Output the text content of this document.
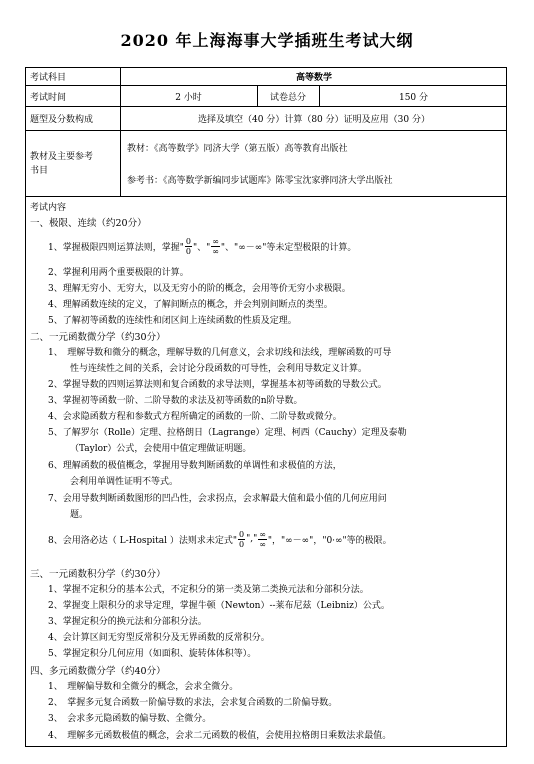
2020 年上海海事大学插班生考试大纲
考试科目	高等数学
考试时间	2 小时	试卷总分	150 分
题型及分数构成	选择及填空（40 分）计算（80 分）证明及应用（30 分）
教材及主要参考
书目
教材：《高等数学》同济大学（第五版）高等教育出版社
参考书：《高等数学新编同步试题库》陈零宝沈家骅同济大学出版社
考试内容
一、极限、连续（约20分）
1、掌握极限四则运算法则，掌握" $\frac{0}{0}$ "、" $\frac{\infty}{\infty}$ "、"∞－∞"等未定型极限的计算。
2、掌握利用两个重要极限的计算。
3、理解无穷小、无穷大，以及无穷小的阶的概念，会用等价无穷小求极限。
4、理解函数连续的定义，了解间断点的概念，并会判别间断点的类型。
5、了解初等函数的连续性和闭区间上连续函数的性质及定理。
二、一元函数微分学（约30分）
1、　理解导数和微分的概念，理解导数的几何意义，会求切线和法线，理解函数的可导
性与连续性之间的关系，会讨论分段函数的可导性，会利用导数定义计算。
2、掌握导数的四则运算法则和复合函数的求导法则，掌握基本初等函数的导数公式。
3、掌握初等函数一阶、二阶导数的求法及初等函数的n阶导数。
4、会求隐函数方程和参数式方程所确定的函数的一阶、二阶导数或微分。
5、了解罗尔（Rolle）定理、拉格朗日（Lagrange）定理、柯西（Cauchy）定理及泰勒
（Taylor）公式，会使用中值定理做证明题。
6、理解函数的极值概念，掌握用导数判断函数的单调性和求极值的方法，
会利用单调性证明不等式。
7、会用导数判断函数图形的凹凸性，会求拐点，会求解最大值和最小值的几何应用问
题。
8、会用洛必达（ L-Hospital ）法则求未定式" $\frac{0}{0}$ "," $\frac{\infty}{\infty}$ "，"∞－∞"，"0·∞"等的极限。
三、一元函数积分学（约30分）
1、掌握不定积分的基本公式，不定积分的第一类及第二类换元法和分部积分法。
2、掌握变上限积分的求导定理，掌握牛顿（Newton）--莱布尼兹（Leibniz）公式。
3、掌握定积分的换元法和分部积分法。
4、会计算区间无穷型反常积分及无界函数的反常积分。
5、掌握定积分几何应用（如面积、旋转体体积等）。
四、多元函数微分学（约40分）
1、　理解偏导数和全微分的概念，会求全微分。
2、　掌握多元复合函数一阶偏导数的求法，会求复合函数的二阶偏导数。
3、　会求多元隐函数的偏导数、全微分。
4、　理解多元函数极值的概念，会求二元函数的极值，会使用拉格朗日乘数法求最值。
